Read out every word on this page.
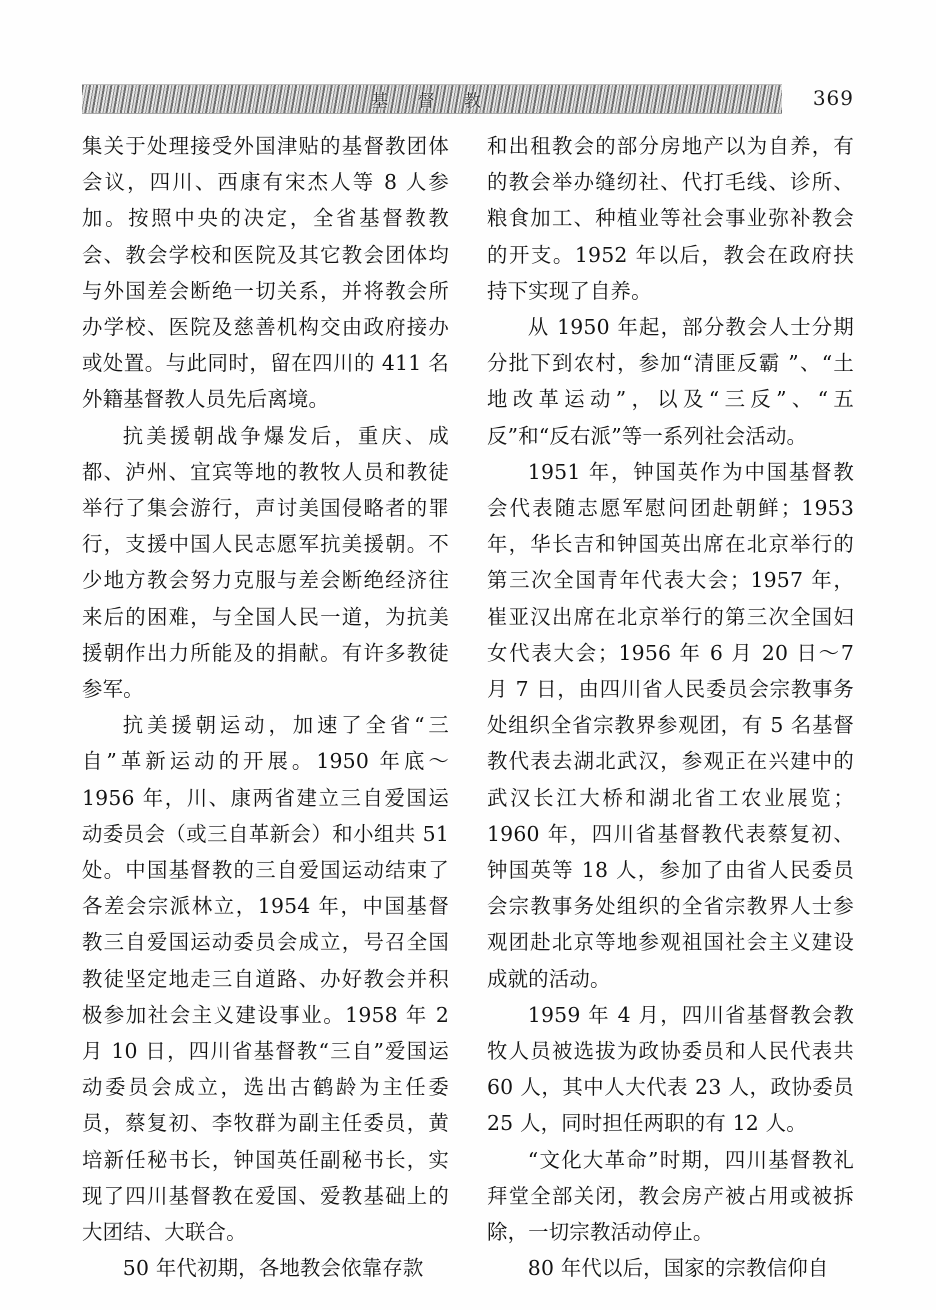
基 督 教	369

集关于处理接受外国津贴的基督教团体会议，四川、西康有宋杰人等 8 人参加。按照中央的决定，全省基督教教会、教会学校和医院及其它教会团体均与外国差会断绝一切关系，并将教会所办学校、医院及慈善机构交由政府接办或处置。与此同时，留在四川的 411 名外籍基督教人员先后离境。

抗美援朝战争爆发后，重庆、成都、泸州、宜宾等地的教牧人员和教徒举行了集会游行，声讨美国侵略者的罪行，支援中国人民志愿军抗美援朝。不少地方教会努力克服与差会断绝经济往来后的困难，与全国人民一道，为抗美援朝作出力所能及的捐献。有许多教徒参军。

抗美援朝运动，加速了全省“三自”革新运动的开展。1950 年底～1956 年，川、康两省建立三自爱国运动委员会（或三自革新会）和小组共 51 处。中国基督教的三自爱国运动结束了各差会宗派林立，1954 年，中国基督教三自爱国运动委员会成立，号召全国教徒坚定地走三自道路、办好教会并积极参加社会主义建设事业。1958 年 2 月 10 日，四川省基督教“三自”爱国运动委员会成立，选出古鹤龄为主任委员，蔡复初、李牧群为副主任委员，黄培新任秘书长，钟国英任副秘书长，实现了四川基督教在爱国、爱教基础上的大团结、大联合。

50 年代初期，各地教会依靠存款

和出租教会的部分房地产以为自养，有的教会举办缝纫社、代打毛线、诊所、粮食加工、种植业等社会事业弥补教会的开支。1952 年以后，教会在政府扶持下实现了自养。

从 1950 年起，部分教会人士分期分批下到农村，参加“清匪反霸 ”、“土地改革运动”，以及“三反”、“五反”和“反右派”等一系列社会活动。

1951 年，钟国英作为中国基督教会代表随志愿军慰问团赴朝鲜；1953 年，华长吉和钟国英出席在北京举行的第三次全国青年代表大会；1957 年，崔亚汉出席在北京举行的第三次全国妇女代表大会；1956 年 6 月 20 日～7 月 7 日，由四川省人民委员会宗教事务处组织全省宗教界参观团，有 5 名基督教代表去湖北武汉，参观正在兴建中的武汉长江大桥和湖北省工农业展览；1960 年，四川省基督教代表蔡复初、钟国英等 18 人，参加了由省人民委员会宗教事务处组织的全省宗教界人士参观团赴北京等地参观祖国社会主义建设成就的活动。

1959 年 4 月，四川省基督教会教牧人员被选拔为政协委员和人民代表共 60 人，其中人大代表 23 人，政协委员 25 人，同时担任两职的有 12 人。

“文化大革命”时期，四川基督教礼拜堂全部关闭，教会房产被占用或被拆除，一切宗教活动停止。

80 年代以后，国家的宗教信仰自
